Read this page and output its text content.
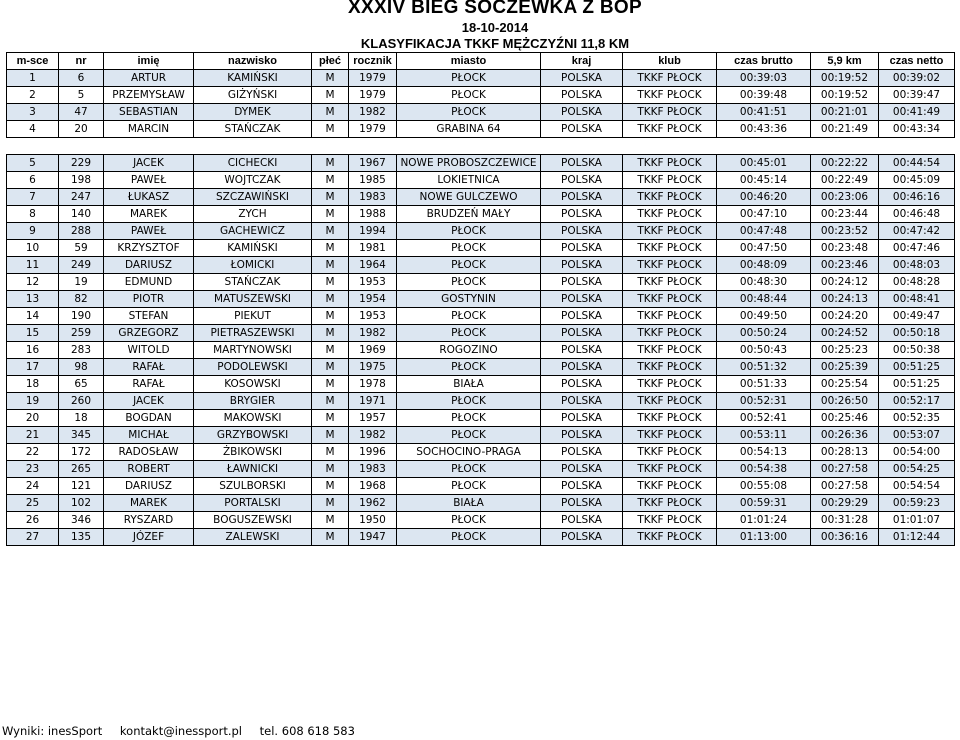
XXXIV BIEG SOCZEWKA Z BOP
18-10-2014
KLASYFIKACJA TKKF MĘŻCZYŹNI 11,8 KM
m-sce	nr	imię	nazwisko	płeć	rocznik	miasto	kraj	klub	czas brutto	5,9 km	czas netto
1	6	ARTUR	KAMIŃSKI	M	1979	PŁOCK	POLSKA	TKKF PŁOCK	00:39:03	00:19:52	00:39:02
2	5	PRZEMYSŁAW	GIŻYŃSKI	M	1979	PŁOCK	POLSKA	TKKF PŁOCK	00:39:48	00:19:52	00:39:47
3	47	SEBASTIAN	DYMEK	M	1982	PŁOCK	POLSKA	TKKF PŁOCK	00:41:51	00:21:01	00:41:49
4	20	MARCIN	STAŃCZAK	M	1979	GRABINA 64	POLSKA	TKKF PŁOCK	00:43:36	00:21:49	00:43:34

5	229	JACEK	CICHECKI	M	1967	NOWE PROBOSZCZEWICE	POLSKA	TKKF PŁOCK	00:45:01	00:22:22	00:44:54
6	198	PAWEŁ	WOJTCZAK	M	1985	LOKIETNICA	POLSKA	TKKF PŁOCK	00:45:14	00:22:49	00:45:09
7	247	ŁUKASZ	SZCZAWIŃSKI	M	1983	NOWE GULCZEWO	POLSKA	TKKF PŁOCK	00:46:20	00:23:06	00:46:16
8	140	MAREK	ZYCH	M	1988	BRUDZEŃ MAŁY	POLSKA	TKKF PŁOCK	00:47:10	00:23:44	00:46:48
9	288	PAWEŁ	GACHEWICZ	M	1994	PŁOCK	POLSKA	TKKF PŁOCK	00:47:48	00:23:52	00:47:42
10	59	KRZYSZTOF	KAMIŃSKI	M	1981	PŁOCK	POLSKA	TKKF PŁOCK	00:47:50	00:23:48	00:47:46
11	249	DARIUSZ	ŁOMICKI	M	1964	PŁOCK	POLSKA	TKKF PŁOCK	00:48:09	00:23:46	00:48:03
12	19	EDMUND	STAŃCZAK	M	1953	PŁOCK	POLSKA	TKKF PŁOCK	00:48:30	00:24:12	00:48:28
13	82	PIOTR	MATUSZEWSKI	M	1954	GOSTYNIN	POLSKA	TKKF PŁOCK	00:48:44	00:24:13	00:48:41
14	190	STEFAN	PIEKUT	M	1953	PŁOCK	POLSKA	TKKF PŁOCK	00:49:50	00:24:20	00:49:47
15	259	GRZEGORZ	PIETRASZEWSKI	M	1982	PŁOCK	POLSKA	TKKF PŁOCK	00:50:24	00:24:52	00:50:18
16	283	WITOLD	MARTYNOWSKI	M	1969	ROGOZINO	POLSKA	TKKF PŁOCK	00:50:43	00:25:23	00:50:38
17	98	RAFAŁ	PODOLEWSKI	M	1975	PŁOCK	POLSKA	TKKF PŁOCK	00:51:32	00:25:39	00:51:25
18	65	RAFAŁ	KOSOWSKI	M	1978	BIAŁA	POLSKA	TKKF PŁOCK	00:51:33	00:25:54	00:51:25
19	260	JACEK	BRYGIER	M	1971	PŁOCK	POLSKA	TKKF PŁOCK	00:52:31	00:26:50	00:52:17
20	18	BOGDAN	MAKOWSKI	M	1957	PŁOCK	POLSKA	TKKF PŁOCK	00:52:41	00:25:46	00:52:35
21	345	MICHAŁ	GRZYBOWSKI	M	1982	PŁOCK	POLSKA	TKKF PŁOCK	00:53:11	00:26:36	00:53:07
22	172	RADOSŁAW	ŻBIKOWSKI	M	1996	SOCHOCINO-PRAGA	POLSKA	TKKF PŁOCK	00:54:13	00:28:13	00:54:00
23	265	ROBERT	ŁAWNICKI	M	1983	PŁOCK	POLSKA	TKKF PŁOCK	00:54:38	00:27:58	00:54:25
24	121	DARIUSZ	SZULBORSKI	M	1968	PŁOCK	POLSKA	TKKF PŁOCK	00:55:08	00:27:58	00:54:54
25	102	MAREK	PORTALSKI	M	1962	BIAŁA	POLSKA	TKKF PŁOCK	00:59:31	00:29:29	00:59:23
26	346	RYSZARD	BOGUSZEWSKI	M	1950	PŁOCK	POLSKA	TKKF PŁOCK	01:01:24	00:31:28	01:01:07
27	135	JÓZEF	ZALEWSKI	M	1947	PŁOCK	POLSKA	TKKF PŁOCK	01:13:00	00:36:16	01:12:44
Wyniki: inesSport kontakt@inessport.pl tel. 608 618 583
